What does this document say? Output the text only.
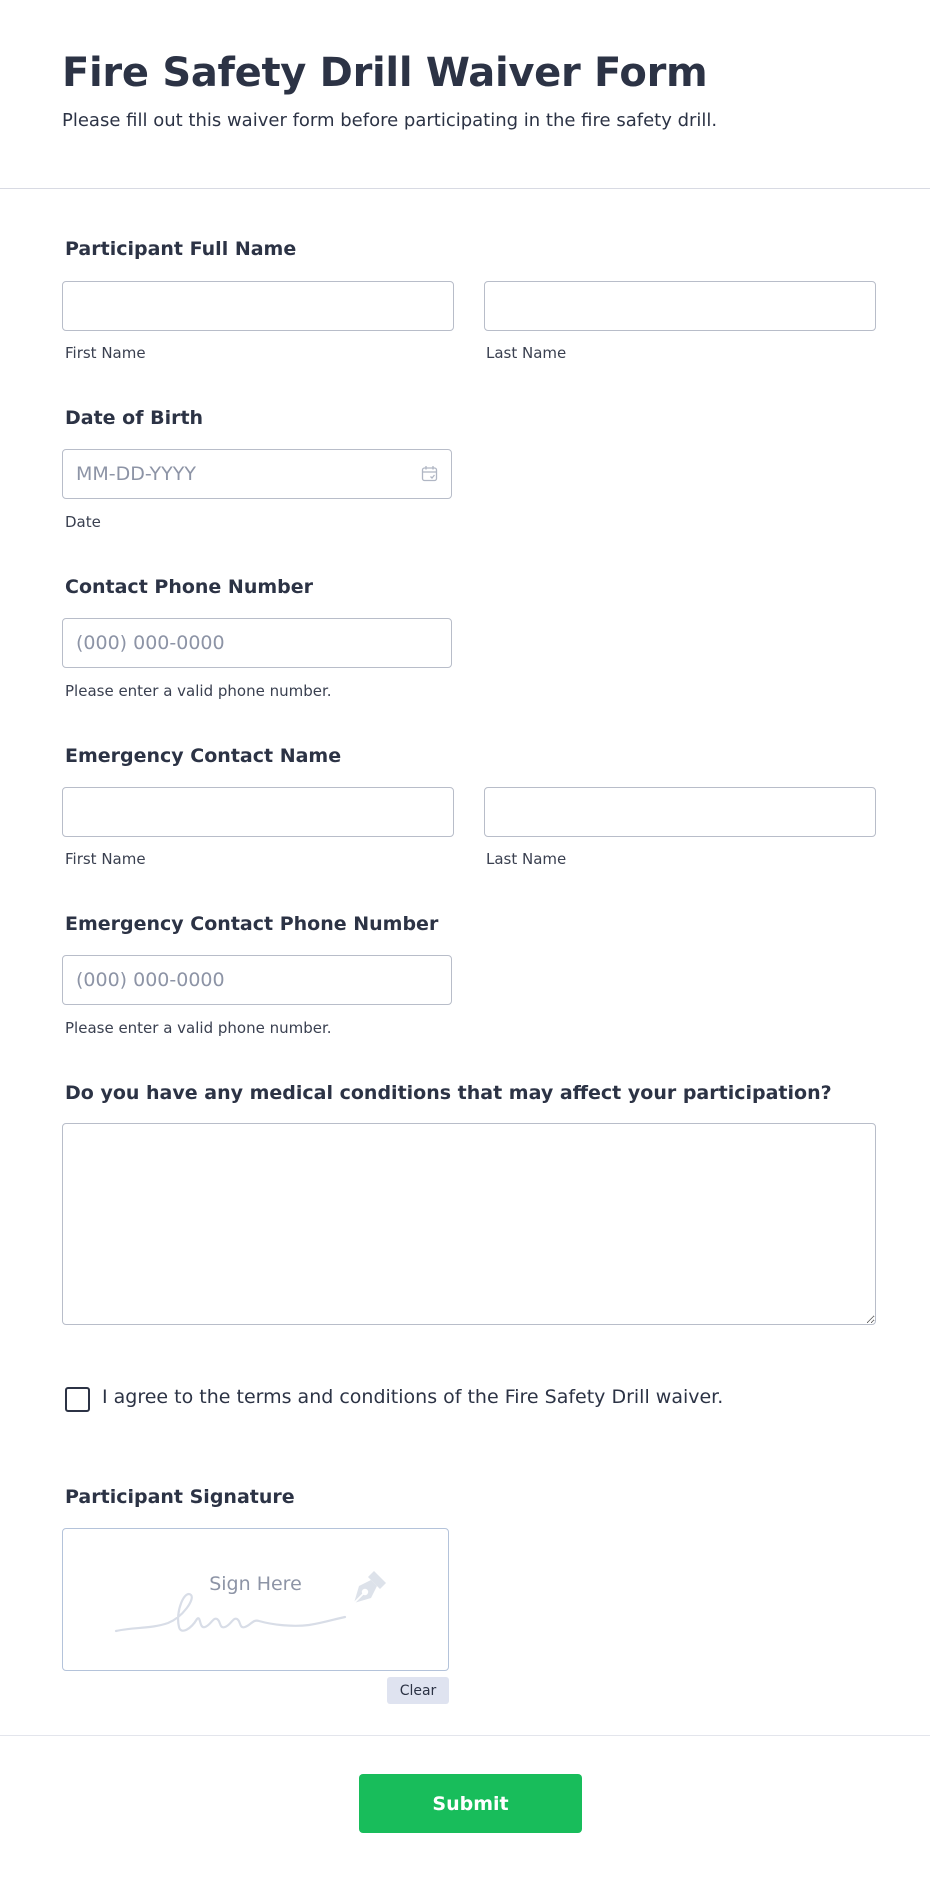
Fire Safety Drill Waiver Form
Please fill out this waiver form before participating in the fire safety drill.
Participant Full Name
First Name	Last Name
Date of Birth
MM-DD-YYYY
Date
Contact Phone Number
(000) 000-0000
Please enter a valid phone number.
Emergency Contact Name
First Name	Last Name
Emergency Contact Phone Number
(000) 000-0000
Please enter a valid phone number.
Do you have any medical conditions that may affect your participation?
I agree to the terms and conditions of the Fire Safety Drill waiver.
Participant Signature
Sign Here
Clear
Submit
